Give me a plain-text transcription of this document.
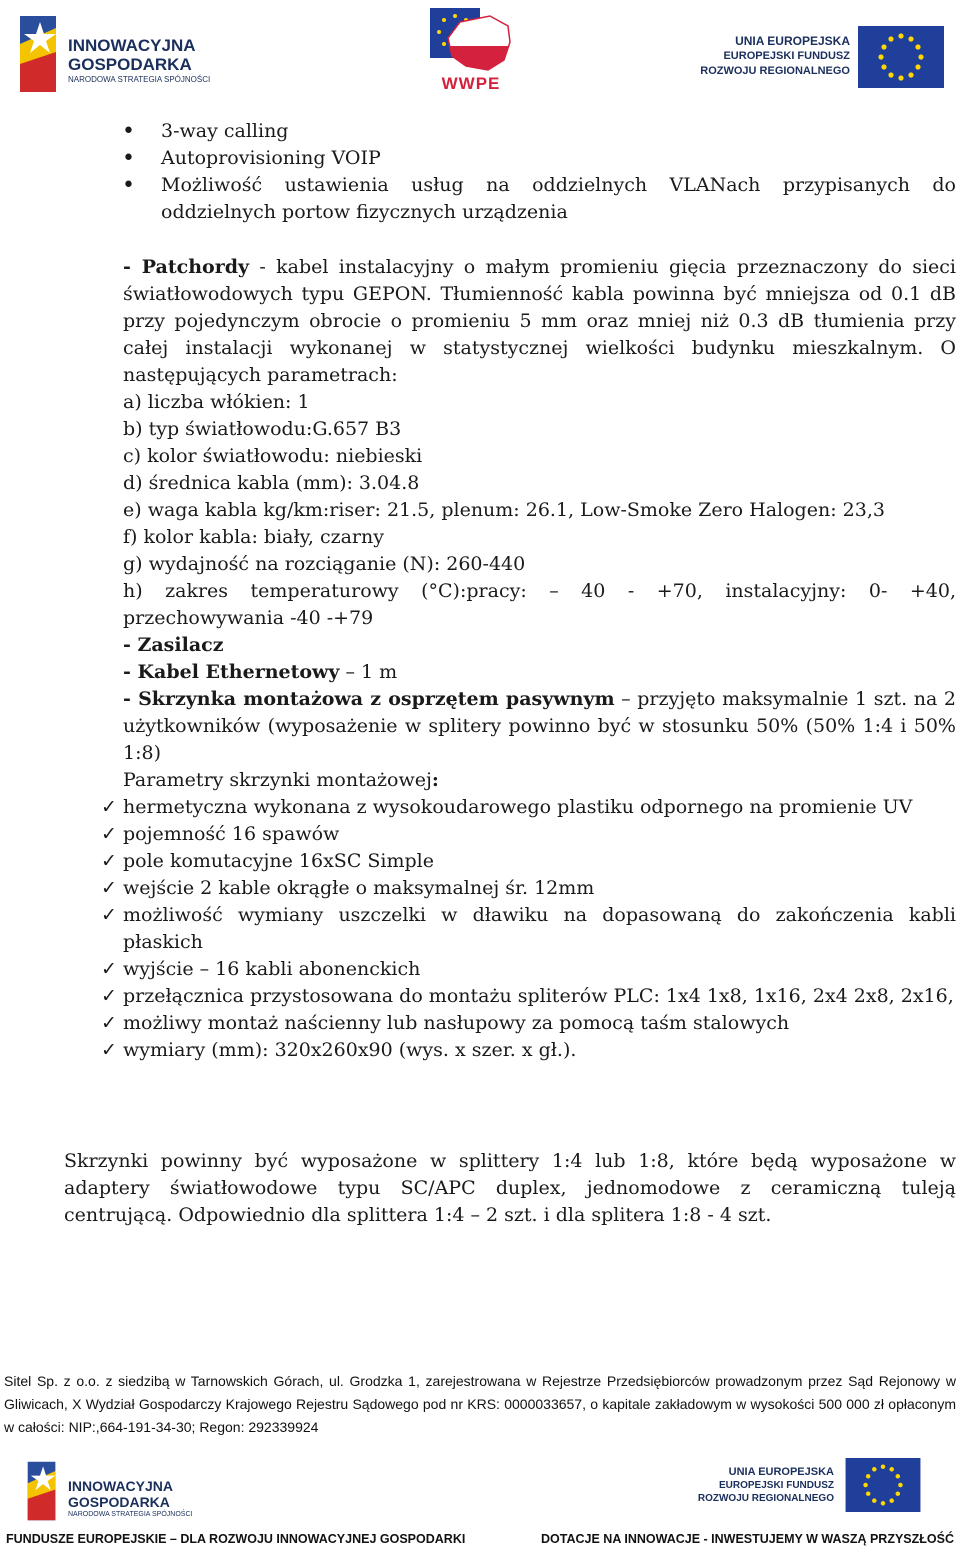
INNOWACYJNA
GOSPODARKA
NARODOWA STRATEGIA SPÓJNOŚCI	WWPE
UNIA EUROPEJSKA
EUROPEJSKI FUNDUSZ
ROZWOJU REGIONALNEGO
• 3-way calling
• Autoprovisioning VOIP
• Możliwość ustawienia usług na oddzielnych VLANach przypisanych do oddzielnych portow fizycznych urządzenia
- Patchordy - kabel instalacyjny o małym promieniu gięcia przeznaczony do sieci światłowodowych typu GEPON. Tłumienność kabla powinna być mniejsza od 0.1 dB przy pojedynczym obrocie o promieniu 5 mm oraz mniej niż 0.3 dB tłumienia przy całej instalacji wykonanej w statystycznej wielkości budynku mieszkalnym. O następujących parametrach:
a) liczba włókien: 1
b) typ światłowodu:G.657 B3
c) kolor światłowodu: niebieski
d) średnica kabla (mm): 3.04.8
e) waga kabla kg/km:riser: 21.5, plenum: 26.1, Low-Smoke Zero Halogen: 23,3
f) kolor kabla: biały, czarny
g) wydajność na rozciąganie (N): 260-440
h) zakres temperaturowy (°C):pracy: – 40 - +70, instalacyjny: 0- +40, przechowywania -40 -+79
- Zasilacz
- Kabel Ethernetowy – 1 m
- Skrzynka montażowa z osprzętem pasywnym – przyjęto maksymalnie 1 szt. na 2 użytkowników (wyposażenie w splitery powinno być w stosunku 50% (50% 1:4 i 50% 1:8)
Parametry skrzynki montażowej:
✓ hermetyczna wykonana z wysokoudarowego plastiku odpornego na promienie UV
✓ pojemność 16 spawów
✓ pole komutacyjne 16xSC Simple
✓ wejście 2 kable okrągłe o maksymalnej śr. 12mm
✓ możliwość wymiany uszczelki w dławiku na dopasowaną do zakończenia kabli płaskich
✓ wyjście – 16 kabli abonenckich
✓ przełącznica przystosowana do montażu spliterów PLC: 1x4 1x8, 1x16, 2x4 2x8, 2x16,
✓ możliwy montaż naścienny lub nasłupowy za pomocą taśm stalowych
✓ wymiary (mm): 320x260x90 (wys. x szer. x gł.).
Skrzynki powinny być wyposażone w splittery 1:4 lub 1:8, które będą wyposażone w adaptery światłowodowe typu SC/APC duplex, jednomodowe z ceramiczną tuleją centrującą. Odpowiednio dla splittera 1:4 – 2 szt. i dla splitera 1:8 - 4 szt.
Sitel Sp. z o.o. z siedzibą w Tarnowskich Górach, ul. Grodzka 1, zarejestrowana w Rejestrze Przedsiębiorców prowadzonym przez Sąd Rejonowy w Gliwicach, X Wydział Gospodarczy Krajowego Rejestru Sądowego pod nr KRS: 0000033657, o kapitale zakładowym w wysokości 500 000 zł opłaconym w całości: NIP:,664-191-34-30; Regon: 292339924
INNOWACYJNA
GOSPODARKA
NARODOWA STRATEGIA SPÓJNOŚCI
UNIA EUROPEJSKA
EUROPEJSKI FUNDUSZ
ROZWOJU REGIONALNEGO
FUNDUSZE EUROPEJSKIE – DLA ROZWOJU INNOWACYJNEJ GOSPODARKI	DOTACJE NA INNOWACJE - INWESTUJEMY W WASZĄ PRZYSZŁOŚĆ
